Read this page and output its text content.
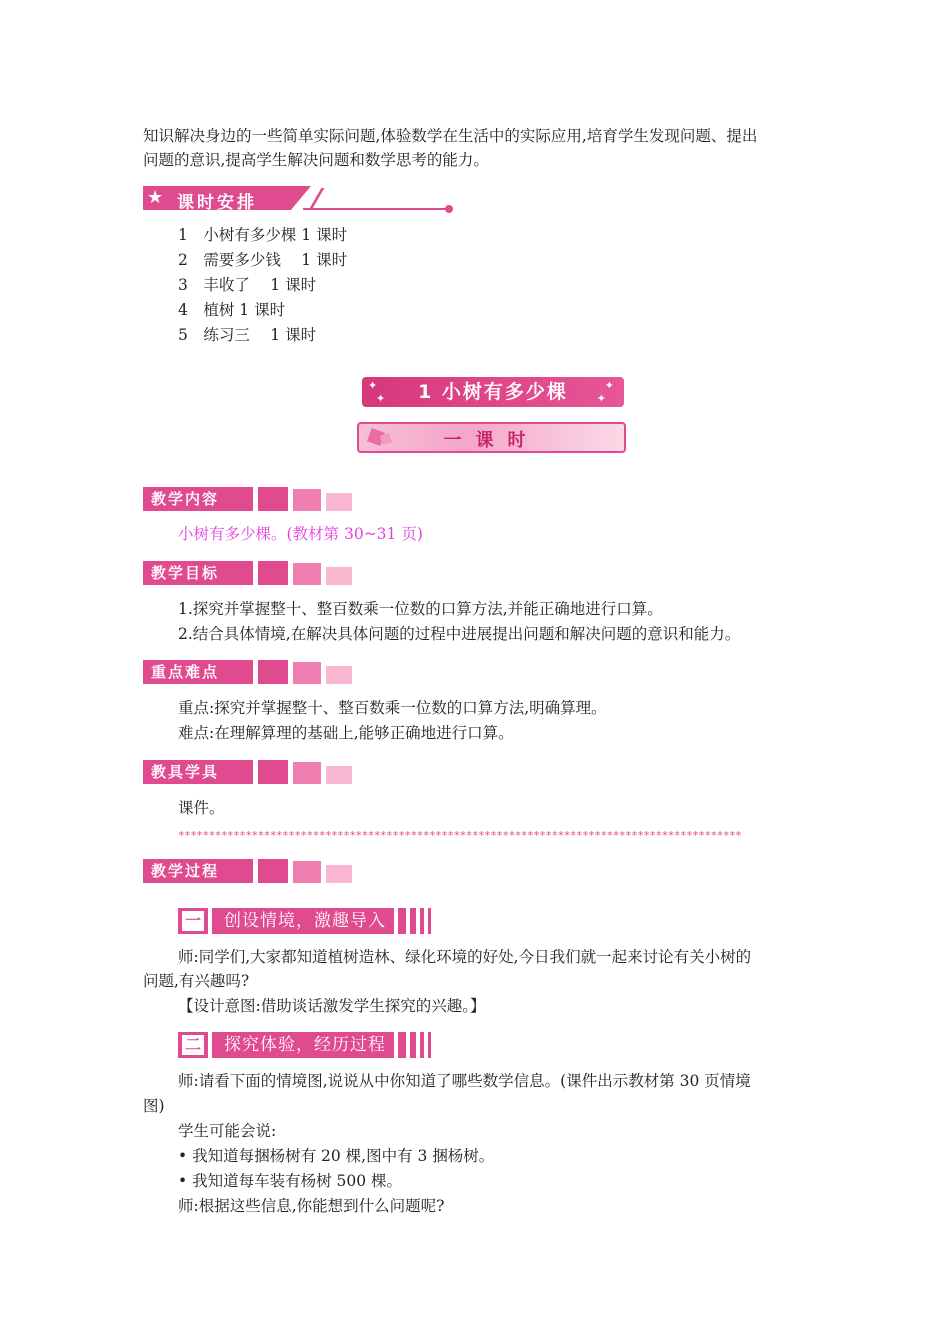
知识解决身边的一些简单实际问题,体验数学在生活中的实际应用,培育学生发现问题、提出
问题的意识,提高学生解决问题和数学思考的能力。
★ 课时安排
1　小树有多少棵 1 课时
2　需要多少钱　 1 课时
3　丰收了　 1 课时
4　植树 1 课时
5　练习三　 1 课时
✦
✦
✦
✦
1 小树有多少棵
一课时
教学内容
小树有多少棵。(教材第 30~31 页)
教学目标
1.探究并掌握整十、整百数乘一位数的口算方法,并能正确地进行口算。
2.结合具体情境,在解决具体问题的过程中进展提出问题和解决问题的意识和能力。
重点难点
重点:探究并掌握整十、整百数乘一位数的口算方法,明确算理。
难点:在理解算理的基础上,能够正确地进行口算。
教具学具
课件。
********************************************************************************************
教学过程
一	创设情境，激趣导入
师:同学们,大家都知道植树造林、绿化环境的好处,今日我们就一起来讨论有关小树的
问题,有兴趣吗?
【设计意图:借助谈话激发学生探究的兴趣。】
二	探究体验，经历过程
师:请看下面的情境图,说说从中你知道了哪些数学信息。(课件出示教材第 30 页情境
图)
学生可能会说:
• 我知道每捆杨树有 20 棵,图中有 3 捆杨树。
• 我知道每车装有杨树 500 棵。
师:根据这些信息,你能想到什么问题呢?
